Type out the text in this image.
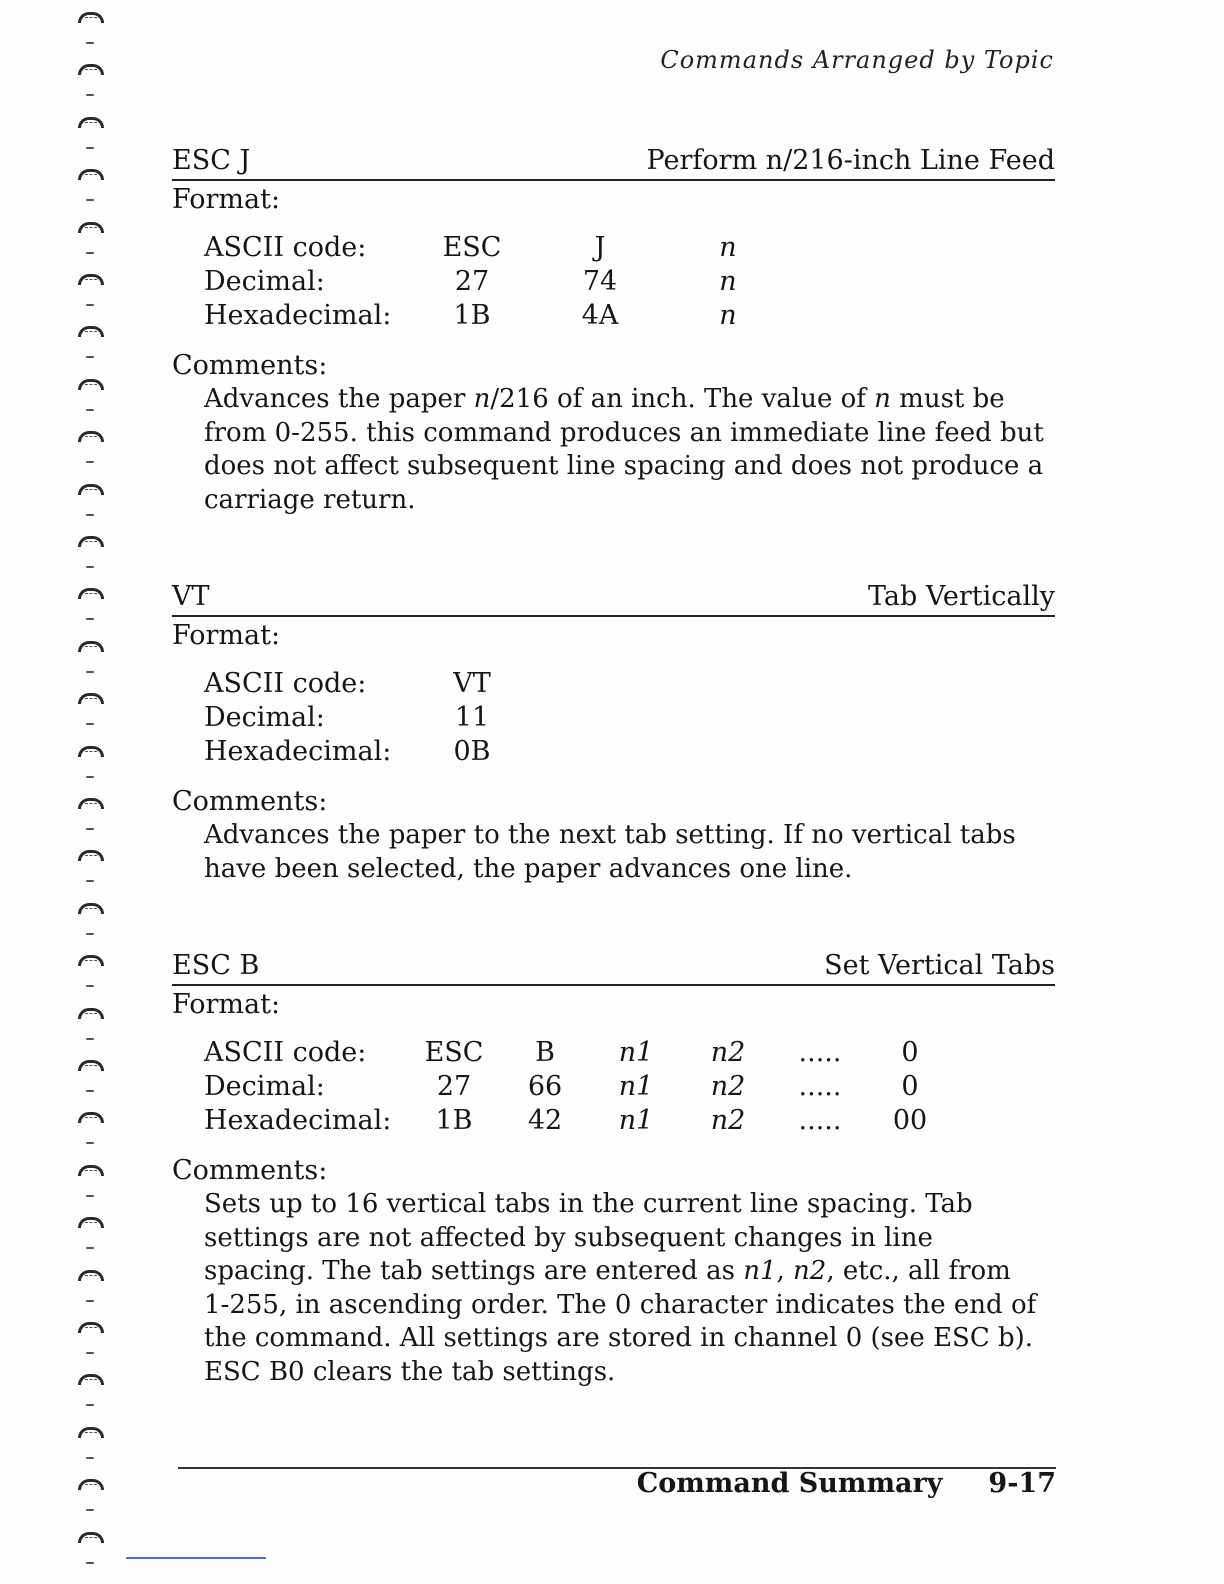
Commands Arranged by Topic
ESC J	Perform n/216-inch Line Feed
Format:
ASCII code:	ESC	J	n
Decimal:	27	74	n
Hexadecimal:	1B	4A	n
Comments:
Advances the paper n/216 of an inch. The value of n must be from 0-255. this command produces an immediate line feed but does not affect subsequent line spacing and does not produce a carriage return.
VT	Tab Vertically
Format:
ASCII code:	VT
Decimal:	11
Hexadecimal:	0B
Comments:
Advances the paper to the next tab setting. If no vertical tabs have been selected, the paper advances one line.
ESC B	Set Vertical Tabs
Format:
ASCII code:	ESC	B	n1	n2	.....	0
Decimal:	27	66	n1	n2	.....	0
Hexadecimal:	1B	42	n1	n2	.....	00
Comments:
Sets up to 16 vertical tabs in the current line spacing. Tab settings are not affected by subsequent changes in line spacing. The tab settings are entered as n1, n2, etc., all from 1-255, in ascending order. The 0 character indicates the end of the command. All settings are stored in channel 0 (see ESC b). ESC B0 clears the tab settings.
Command Summary 9-17
